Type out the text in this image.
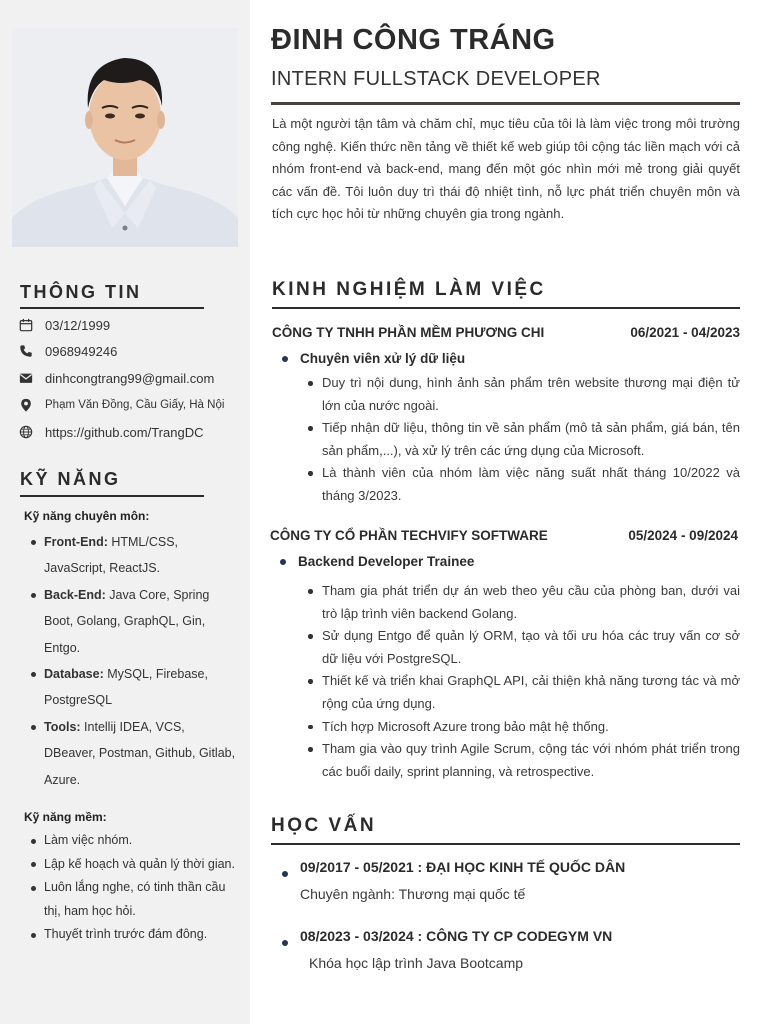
THÔNG TIN
03/12/1999
0968949246
dinhcongtrang99@gmail.com
Phạm Văn Đồng, Cầu Giấy, Hà Nội
https://github.com/TrangDC
KỸ NĂNG
Kỹ năng chuyên môn:
Front-End: HTML/CSS, JavaScript, ReactJS.
Back-End: Java Core, Spring Boot, Golang, GraphQL, Gin, Entgo.
Database: MySQL, Firebase, PostgreSQL
Tools: Intellij IDEA, VCS, DBeaver, Postman, Github, Gitlab, Azure.
Kỹ năng mềm:
Làm việc nhóm.
Lập kế hoạch và quản lý thời gian.
Luôn lắng nghe, có tinh thần cầu thị, ham học hỏi.
Thuyết trình trước đám đông.
ĐINH CÔNG TRÁNG
INTERN FULLSTACK DEVELOPER
Là một người tận tâm và chăm chỉ, mục tiêu của tôi là làm việc trong môi trường công nghệ. Kiến thức nền tảng về thiết kế web giúp tôi cộng tác liền mạch với cả nhóm front-end và back-end, mang đến một góc nhìn mới mẻ trong giải quyết các vấn đề. Tôi luôn duy trì thái độ nhiệt tình, nỗ lực phát triển chuyên môn và tích cực học hỏi từ những chuyên gia trong ngành.
KINH NGHIỆM LÀM VIỆC
CÔNG TY TNHH PHẦN MỀM PHƯƠNG CHI	06/2021 - 04/2023
Chuyên viên xử lý dữ liệu
Duy trì nội dung, hình ảnh sản phẩm trên website thương mại điện tử lớn của nước ngoài.
Tiếp nhận dữ liệu, thông tin về sản phẩm (mô tả sản phẩm, giá bán, tên sản phẩm,...), và xử lý trên các ứng dụng của Microsoft.
Là thành viên của nhóm làm việc năng suất nhất tháng 10/2022 và tháng 3/2023.
CÔNG TY CỔ PHẦN TECHVIFY SOFTWARE	05/2024 - 09/2024
Backend Developer Trainee
Tham gia phát triển dự án web theo yêu cầu của phòng ban, dưới vai trò lập trình viên backend Golang.
Sử dụng Entgo để quản lý ORM, tạo và tối ưu hóa các truy vấn cơ sở dữ liệu với PostgreSQL.
Thiết kế và triển khai GraphQL API, cải thiện khả năng tương tác và mở rộng của ứng dụng.
Tích hợp Microsoft Azure trong bảo mật hệ thống.
Tham gia vào quy trình Agile Scrum, cộng tác với nhóm phát triển trong các buổi daily, sprint planning, và retrospective.
HỌC VẤN
09/2017 - 05/2021 : ĐẠI HỌC KINH TẾ QUỐC DÂN
Chuyên ngành: Thương mại quốc tế
08/2023 - 03/2024 : CÔNG TY CP CODEGYM VN
Khóa học lập trình Java Bootcamp
